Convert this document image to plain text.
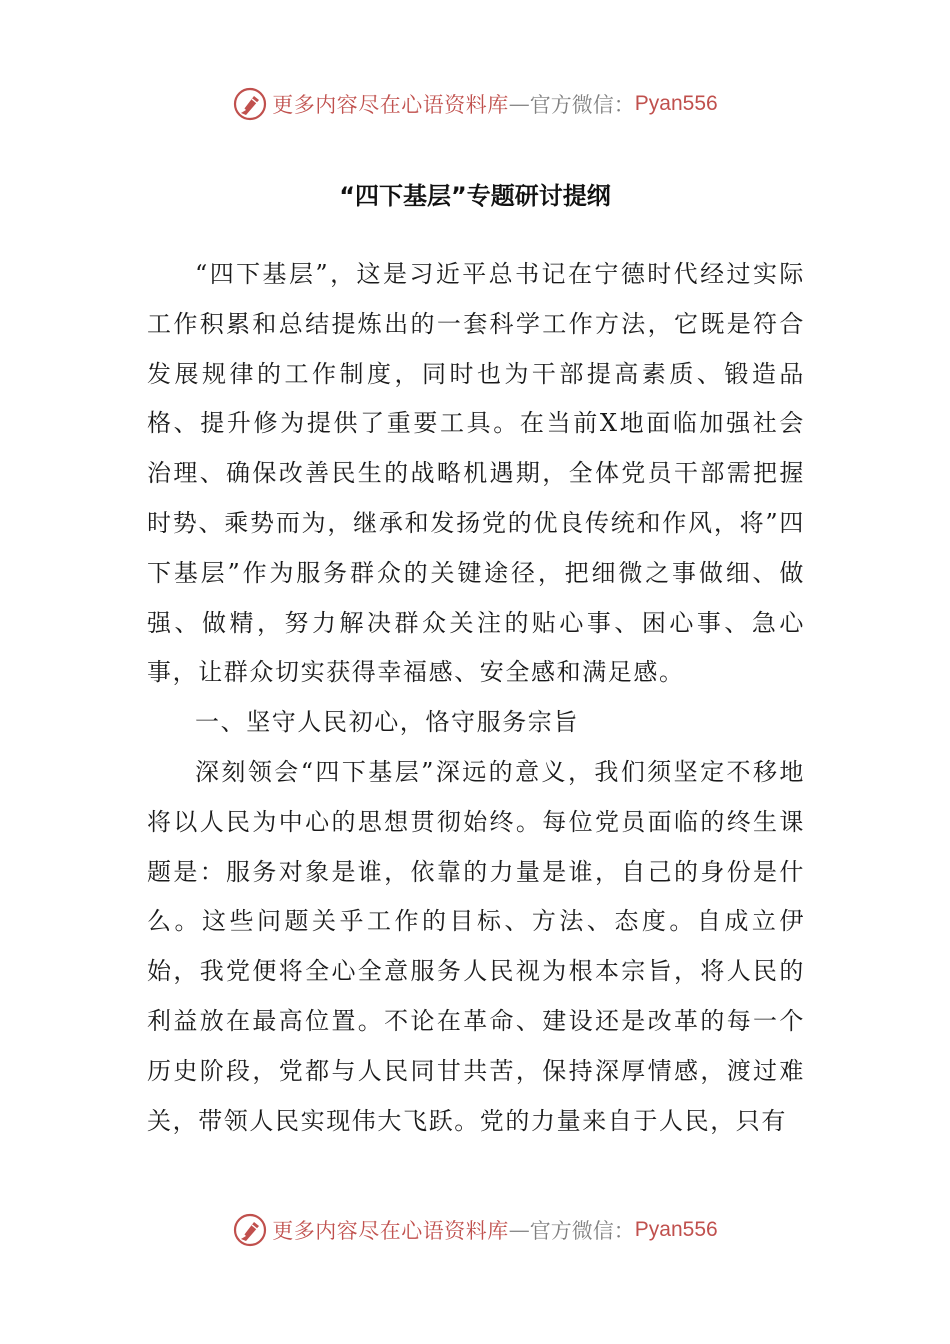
更多内容尽在心语资料库 — 官方微信： Pyan556
“四下基层”专题研讨提纲

“四下基层”，这是习近平总书记在宁德时代经过实际工作积累和总结提炼出的一套科学工作方法，它既是符合发展规律的工作制度，同时也为干部提高素质、锻造品格、提升修为提供了重要工具。在当前X地面临加强社会治理、确保改善民生的战略机遇期，全体党员干部需把握时势、乘势而为，继承和发扬党的优良传统和作风，将”四下基层”作为服务群众的关键途径，把细微之事做细、做强、做精，努力解决群众关注的贴心事、困心事、急心事，让群众切实获得幸福感、安全感和满足感。

一、坚守人民初心，恪守服务宗旨

深刻领会“四下基层”深远的意义，我们须坚定不移地将以人民为中心的思想贯彻始终。每位党员面临的终生课题是：服务对象是谁，依靠的力量是谁，自己的身份是什么。这些问题关乎工作的目标、方法、态度。自成立伊始，我党便将全心全意服务人民视为根本宗旨，将人民的利益放在最高位置。不论在革命、建设还是改革的每一个历史阶段，党都与人民同甘共苦，保持深厚情感，渡过难关，带领人民实现伟大飞跃。党的力量来自于人民，只有

更多内容尽在心语资料库 — 官方微信： Pyan556
